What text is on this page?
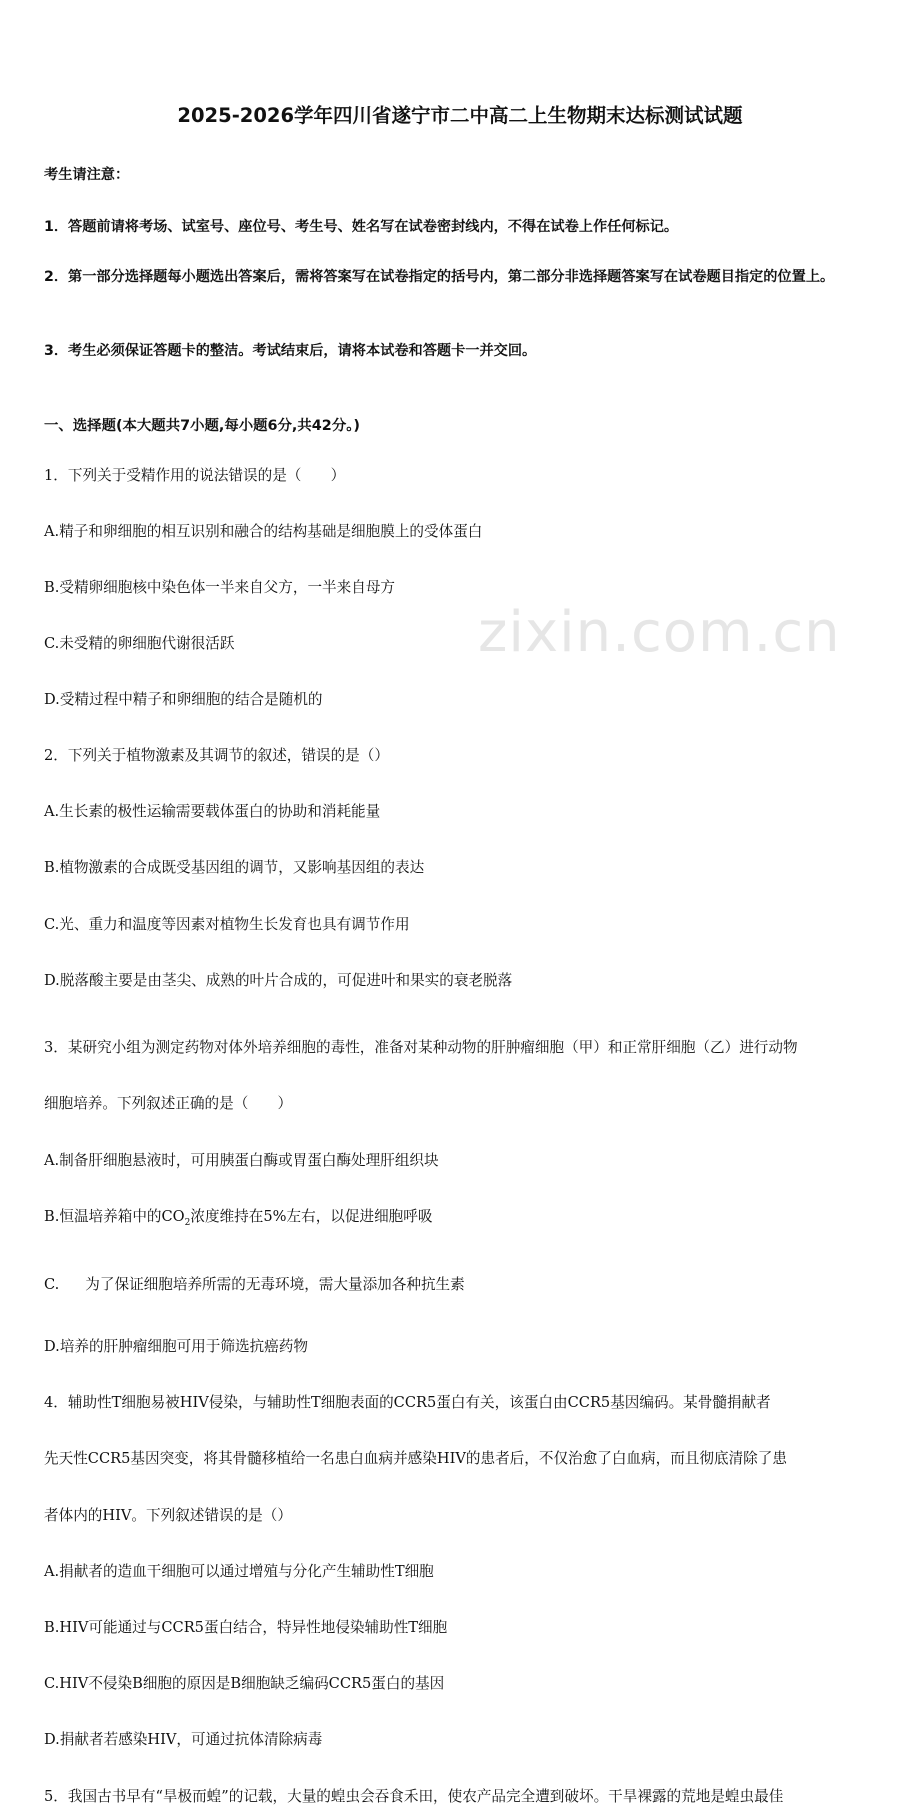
zixin.com.cn
2025-2026学年四川省遂宁市二中高二上生物期末达标测试试题
考生请注意：
1．答题前请将考场、试室号、座位号、考生号、姓名写在试卷密封线内，不得在试卷上作任何标记。
2．第一部分选择题每小题选出答案后，需将答案写在试卷指定的括号内，第二部分非选择题答案写在试卷题目指定的位置上。
3．考生必须保证答题卡的整洁。考试结束后，请将本试卷和答题卡一并交回。
一、选择题(本大题共7小题,每小题6分,共42分。)
1．下列关于受精作用的说法错误的是（　　）
A.精子和卵细胞的相互识别和融合的结构基础是细胞膜上的受体蛋白
B.受精卵细胞核中染色体一半来自父方，一半来自母方
C.未受精的卵细胞代谢很活跃
D.受精过程中精子和卵细胞的结合是随机的
2．下列关于植物激素及其调节的叙述，错误的是（）
A.生长素的极性运输需要载体蛋白的协助和消耗能量
B.植物激素的合成既受基因组的调节，又影响基因组的表达
C.光、重力和温度等因素对植物生长发育也具有调节作用
D.脱落酸主要是由茎尖、成熟的叶片合成的，可促进叶和果实的衰老脱落
3．某研究小组为测定药物对体外培养细胞的毒性，准备对某种动物的肝肿瘤细胞（甲）和正常肝细胞（乙）进行动物
细胞培养。下列叙述正确的是（　　）
A.制备肝细胞悬液时，可用胰蛋白酶或胃蛋白酶处理肝组织块
B.恒温培养箱中的$CO_2$浓度维持在5%左右，以促进细胞呼吸
C. 为了保证细胞培养所需的无毒环境，需大量添加各种抗生素
D.培养的肝肿瘤细胞可用于筛选抗癌药物
4．辅助性T细胞易被HIV侵染，与辅助性T细胞表面的CCR5蛋白有关，该蛋白由CCR5基因编码。某骨髓捐献者
先天性CCR5基因突变，将其骨髓移植给一名患白血病并感染HIV的患者后，不仅治愈了白血病，而且彻底清除了患
者体内的HIV。下列叙述错误的是（）
A.捐献者的造血干细胞可以通过增殖与分化产生辅助性T细胞
B.HIV可能通过与CCR5蛋白结合，特异性地侵染辅助性T细胞
C.HIV不侵染B细胞的原因是B细胞缺乏编码CCR5蛋白的基因
D.捐献者若感染HIV，可通过抗体清除病毒
5．我国古书早有“旱极而蝗”的记载，大量的蝗虫会吞食禾田，使农产品完全遭到破坏。干旱裸露的荒地是蝗虫最佳
